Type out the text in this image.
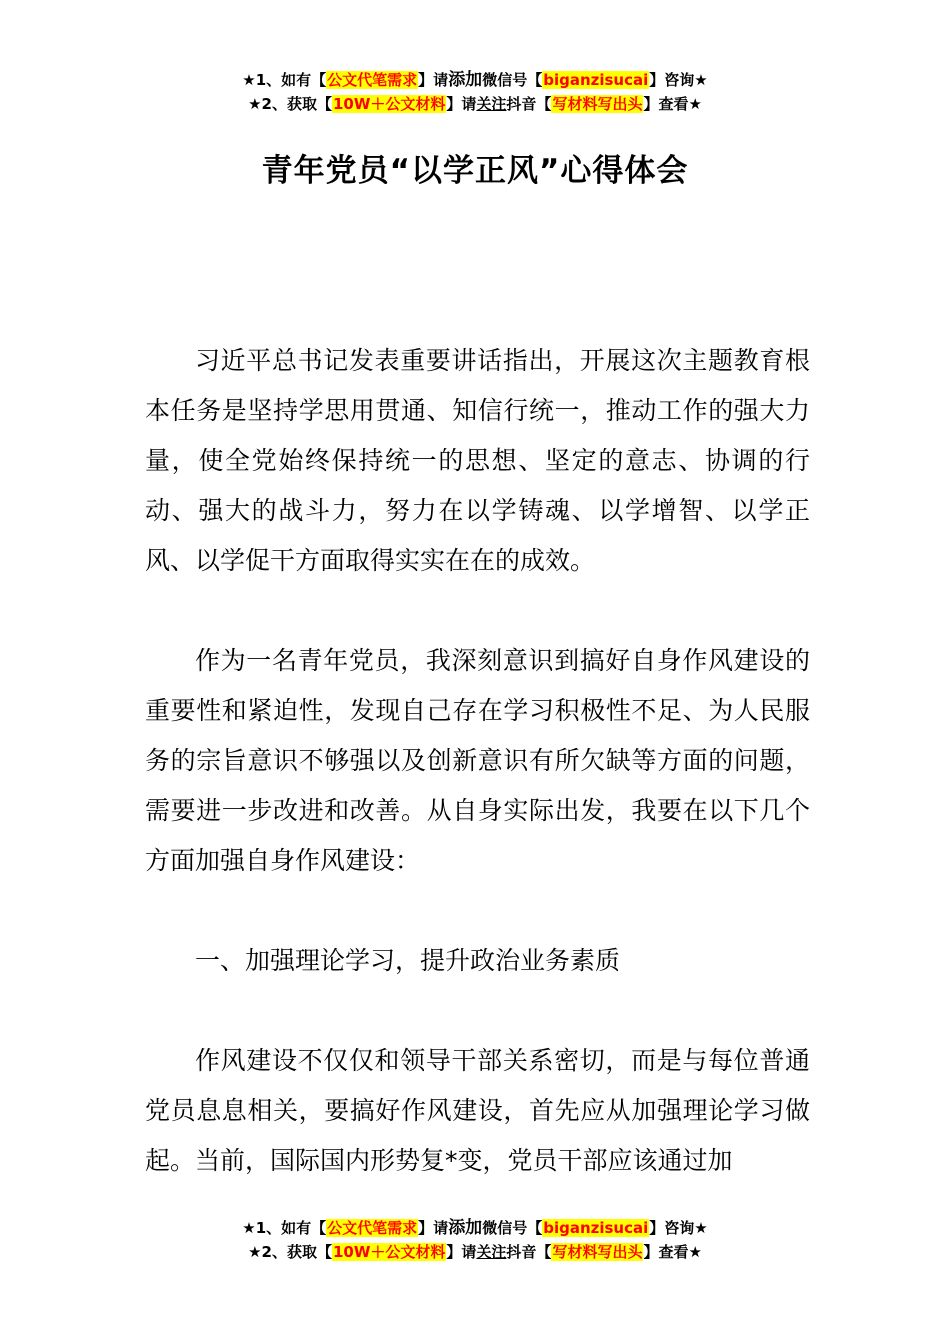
★1、如有【公文代笔需求】请添加微信号【biganzisucai】咨询★
★2、获取【10W＋公文材料】请关注抖音【写材料写出头】查看★
青年党员“以学正风”心得体会

习近平总书记发表重要讲话指出，开展这次主题教育根本任务是坚持学思用贯通、知信行统一，推动工作的强大力量，使全党始终保持统一的思想、坚定的意志、协调的行动、强大的战斗力，努力在以学铸魂、以学增智、以学正风、以学促干方面取得实实在在的成效。

作为一名青年党员，我深刻意识到搞好自身作风建设的重要性和紧迫性，发现自己存在学习积极性不足、为人民服务的宗旨意识不够强以及创新意识有所欠缺等方面的问题，需要进一步改进和改善。从自身实际出发，我要在以下几个方面加强自身作风建设：

一、加强理论学习，提升政治业务素质

作风建设不仅仅和领导干部关系密切，而是与每位普通党员息息相关，要搞好作风建设，首先应从加强理论学习做起。当前，国际国内形势复*变，党员干部应该通过加

★1、如有【公文代笔需求】请添加微信号【biganzisucai】咨询★
★2、获取【10W＋公文材料】请关注抖音【写材料写出头】查看★
